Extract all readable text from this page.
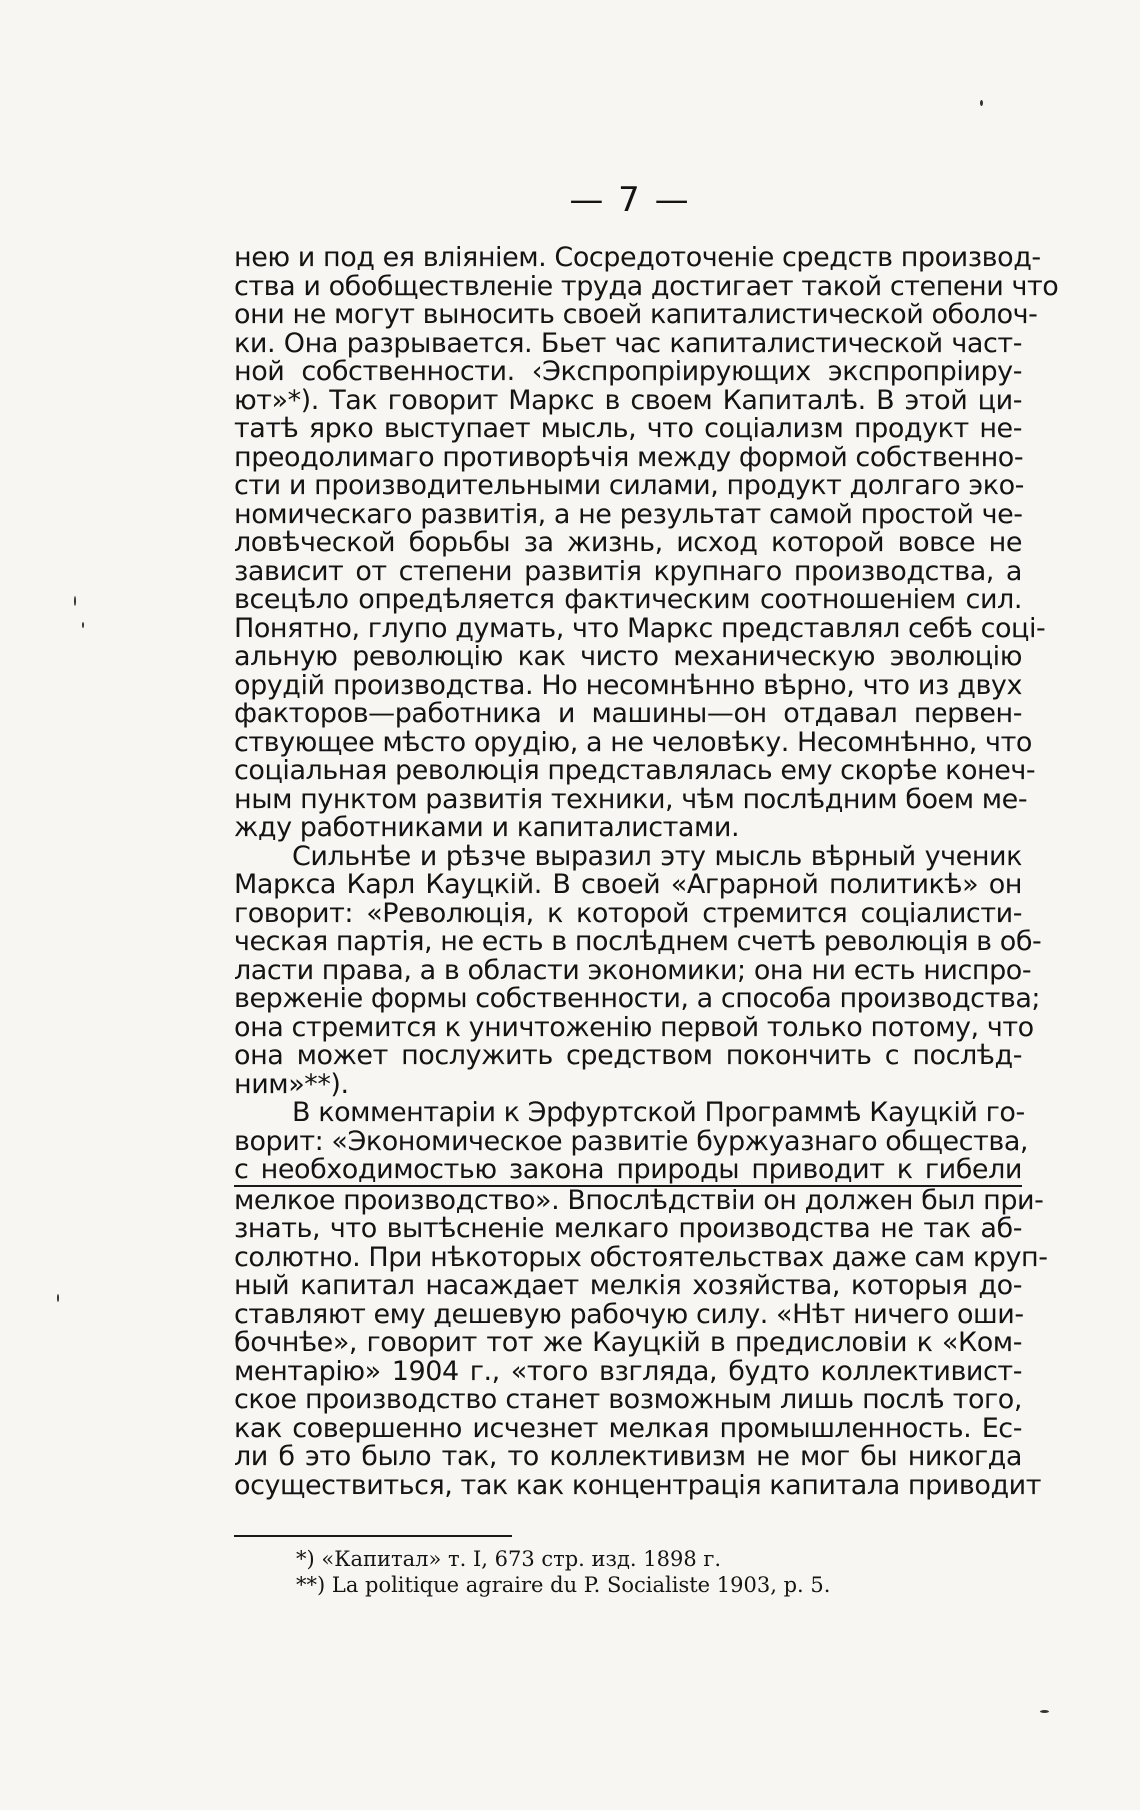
— 7 —
нею и под ея вліяніем. Сосредоточеніе средств производ-
ства и обобществленіе труда достигает такой степени что
они не могут выносить своей капиталистической оболоч-
ки. Она разрывается. Бьет час капиталистической част-
ной собственности. ‹Экспропріирующих экспропріиру-
ют»*). Так говорит Маркс в своем Капиталѣ. В этой ци-
татѣ ярко выступает мысль, что соціализм продукт не-
преодолимаго противорѣчія между формой собственно-
сти и производительными силами, продукт долгаго эко-
номическаго развитія, а не результат самой простой че-
ловѣческой борьбы за жизнь, исход которой вовсе не
зависит от степени развитія крупнаго производства, а
всецѣло опредѣляется фактическим соотношеніем сил.
Понятно, глупо думать, что Маркс представлял себѣ соці-
альную революцію как чисто механическую эволюцію
орудій производства. Но несомнѣнно вѣрно, что из двух
факторов—работника и машины—он отдавал первен-
ствующее мѣсто орудію, а не человѣку. Несомнѣнно, что
соціальная революція представлялась ему скорѣе конеч-
ным пунктом развитія техники, чѣм послѣдним боем ме-
жду работниками и капиталистами.
Сильнѣе и рѣзче выразил эту мысль вѣрный ученик
Маркса Карл Кауцкій. В своей «Аграрной политикѣ» он
говорит: «Революція, к которой стремится соціалисти-
ческая партія, не есть в послѣднем счетѣ революція в об-
ласти права, а в области экономики; она ни есть ниспро-
верженіе формы собственности, а способа производства;
она стремится к уничтоженію первой только потому, что
она может послужить средством покончить с послѣд-
ним»**).
В комментаріи к Эрфуртской Программѣ Кауцкій го-
ворит: «Экономическое развитіе буржуазнаго общества,
с необходимостью закона природы приводит к гибели
мелкое производство». Впослѣдствіи он должен был при-
знать, что вытѣсненіе мелкаго производства не так аб-
солютно. При нѣкоторых обстоятельствах даже сам круп-
ный капитал насаждает мелкія хозяйства, которыя до-
ставляют ему дешевую рабочую силу. «Нѣт ничего оши-
бочнѣе», говорит тот же Кауцкій в предисловіи к «Ком-
ментарію» 1904 г., «того взгляда, будто коллективист-
ское производство станет возможным лишь послѣ того,
как совершенно исчезнет мелкая промышленность. Ес-
ли б это было так, то коллективизм не мог бы никогда
осуществиться, так как концентрація капитала приводит
*) «Капитал» т. I, 673 стр. изд. 1898 г.
**) La politique agraire du P. Socialiste 1903, p. 5.
